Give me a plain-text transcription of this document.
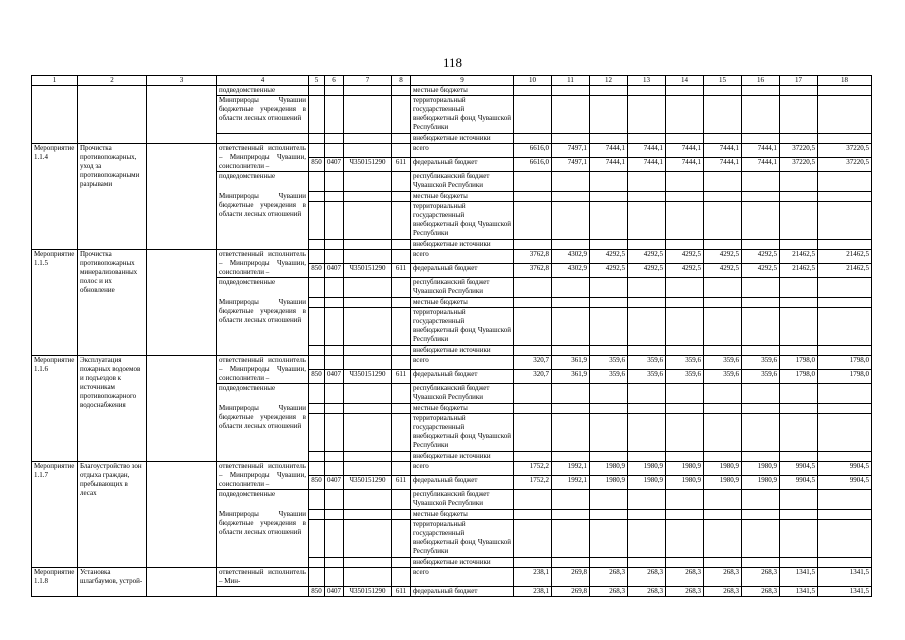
118
1	2	3	4	5	6	7	8	9	10	11	12	13	14	15	16	17	18
			подведомственные					местные бюджеты									
			Минприроды Чувашии бюджетные учреждения в области лесных отношений					территориальный государственный внебюджетный фонд Чувашской Республики									
								внебюджетные источники									
Мероприятие 1.1.4	Прочистка противопожарных, уход за противопожарными разрывами		ответственный исполнитель – Минприроды Чувашии, соисполнители –					всего	6616,0	7497,1	7444,1	7444,1	7444,1	7444,1	7444,1	37220,5	37220,5
				850	0407	Ч350151290	611	федеральный бюджет	6616,0	7497,1	7444,1	7444,1	7444,1	7444,1	7444,1	37220,5	37220,5
			подведомственные					республиканский бюджет Чувашской Республики									
			Минприроды Чувашии бюджетные учреждения в области лесных отношений					местные бюджеты									
								территориальный государственный внебюджетный фонд Чувашской Республики									
								внебюджетные источники									
Мероприятие 1.1.5	Прочистка противопожарных минерализованных полос и их обновление		ответственный исполнитель – Минприроды Чувашии, соисполнители –					всего	3762,8	4302,9	4292,5	4292,5	4292,5	4292,5	4292,5	21462,5	21462,5
				850	0407	Ч350151290	611	федеральный бюджет	3762,8	4302,9	4292,5	4292,5	4292,5	4292,5	4292,5	21462,5	21462,5
			подведомственные					республиканский бюджет Чувашской Республики									
			Минприроды Чувашии бюджетные учреждения в области лесных отношений					местные бюджеты									
								территориальный государственный внебюджетный фонд Чувашской Республики									
								внебюджетные источники									
Мероприятие 1.1.6	Эксплуатация пожарных водоемов и подъездов к источникам противопожарного водоснабжения		ответственный исполнитель – Минприроды Чувашии, соисполнители –					всего	320,7	361,9	359,6	359,6	359,6	359,6	359,6	1798,0	1798,0
				850	0407	Ч350151290	611	федеральный бюджет	320,7	361,9	359,6	359,6	359,6	359,6	359,6	1798,0	1798,0
			подведомственные					республиканский бюджет Чувашской Республики									
			Минприроды Чувашии бюджетные учреждения в области лесных отношений					местные бюджеты									
								территориальный государственный внебюджетный фонд Чувашской Республики									
								внебюджетные источники									
Мероприятие 1.1.7	Благоустройство зон отдыха граждан, пребывающих в лесах		ответственный исполнитель – Минприроды Чувашии, соисполнители –					всего	1752,2	1992,1	1980,9	1980,9	1980,9	1980,9	1980,9	9904,5	9904,5
				850	0407	Ч350151290	611	федеральный бюджет	1752,2	1992,1	1980,9	1980,9	1980,9	1980,9	1980,9	9904,5	9904,5
			подведомственные					республиканский бюджет Чувашской Республики									
			Минприроды Чувашии бюджетные учреждения в области лесных отношений					местные бюджеты									
								территориальный государственный внебюджетный фонд Чувашской Республики									
								внебюджетные источники									
Мероприятие 1.1.8	Установка шлагбаумов, устрой-		ответственный исполнитель – Мин-					всего	238,1	269,8	268,3	268,3	268,3	268,3	268,3	1341,5	1341,5
				850	0407	Ч350151290	611	федеральный бюджет	238,1	269,8	268,3	268,3	268,3	268,3	268,3	1341,5	1341,5
